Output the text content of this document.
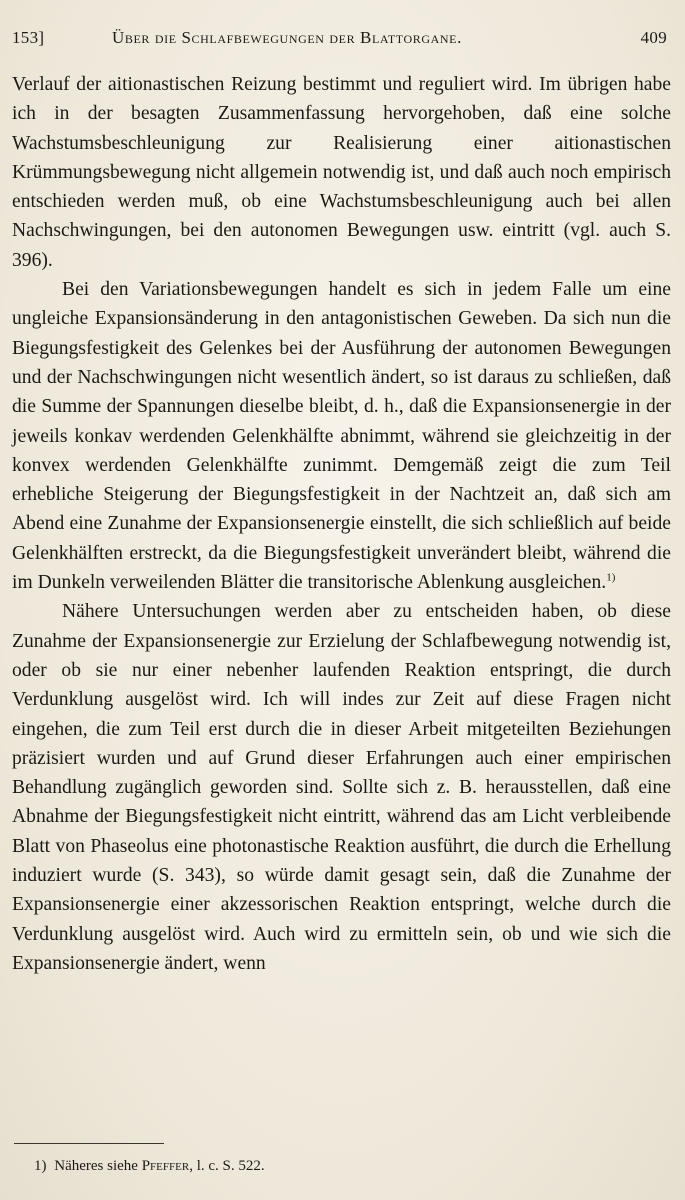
153]	Über die Schlafbewegungen der Blattorgane.	409

Verlauf der aitionastischen Reizung bestimmt und reguliert wird. Im übrigen habe ich in der besagten Zusammenfassung hervorgehoben, daß eine solche Wachstumsbeschleunigung zur Realisierung einer aitionastischen Krümmungsbewegung nicht allgemein notwendig ist, und daß auch noch empirisch entschieden werden muß, ob eine Wachstumsbeschleunigung auch bei allen Nachschwingungen, bei den autonomen Bewegungen usw. eintritt (vgl. auch S. 396).

Bei den Variationsbewegungen handelt es sich in jedem Falle um eine ungleiche Expansionsänderung in den antagonistischen Geweben. Da sich nun die Biegungsfestigkeit des Gelenkes bei der Ausführung der autonomen Bewegungen und der Nachschwingungen nicht wesentlich ändert, so ist daraus zu schließen, daß die Summe der Spannungen dieselbe bleibt, d. h., daß die Expansionsenergie in der jeweils konkav werdenden Gelenkhälfte abnimmt, während sie gleichzeitig in der konvex werdenden Gelenkhälfte zunimmt. Demgemäß zeigt die zum Teil erhebliche Steigerung der Biegungsfestigkeit in der Nachtzeit an, daß sich am Abend eine Zunahme der Expansionsenergie einstellt, die sich schließlich auf beide Gelenkhälften erstreckt, da die Biegungsfestigkeit unverändert bleibt, während die im Dunkeln verweilenden Blätter die transitorische Ablenkung ausgleichen.$^{1)}$

Nähere Untersuchungen werden aber zu entscheiden haben, ob diese Zunahme der Expansionsenergie zur Erzielung der Schlafbewegung notwendig ist, oder ob sie nur einer nebenher laufenden Reaktion entspringt, die durch Verdunklung ausgelöst wird. Ich will indes zur Zeit auf diese Fragen nicht eingehen, die zum Teil erst durch die in dieser Arbeit mitgeteilten Beziehungen präzisiert wurden und auf Grund dieser Erfahrungen auch einer empirischen Behandlung zugänglich geworden sind. Sollte sich z. B. herausstellen, daß eine Abnahme der Biegungsfestigkeit nicht eintritt, während das am Licht verbleibende Blatt von Phaseolus eine photonastische Reaktion ausführt, die durch die Erhellung induziert wurde (S. 343), so würde damit gesagt sein, daß die Zunahme der Expansionsenergie einer akzessorischen Reaktion entspringt, welche durch die Verdunklung ausgelöst wird. Auch wird zu ermitteln sein, ob und wie sich die Expansionsenergie ändert, wenn

1) Näheres siehe Pfeffer, l. c. S. 522.
